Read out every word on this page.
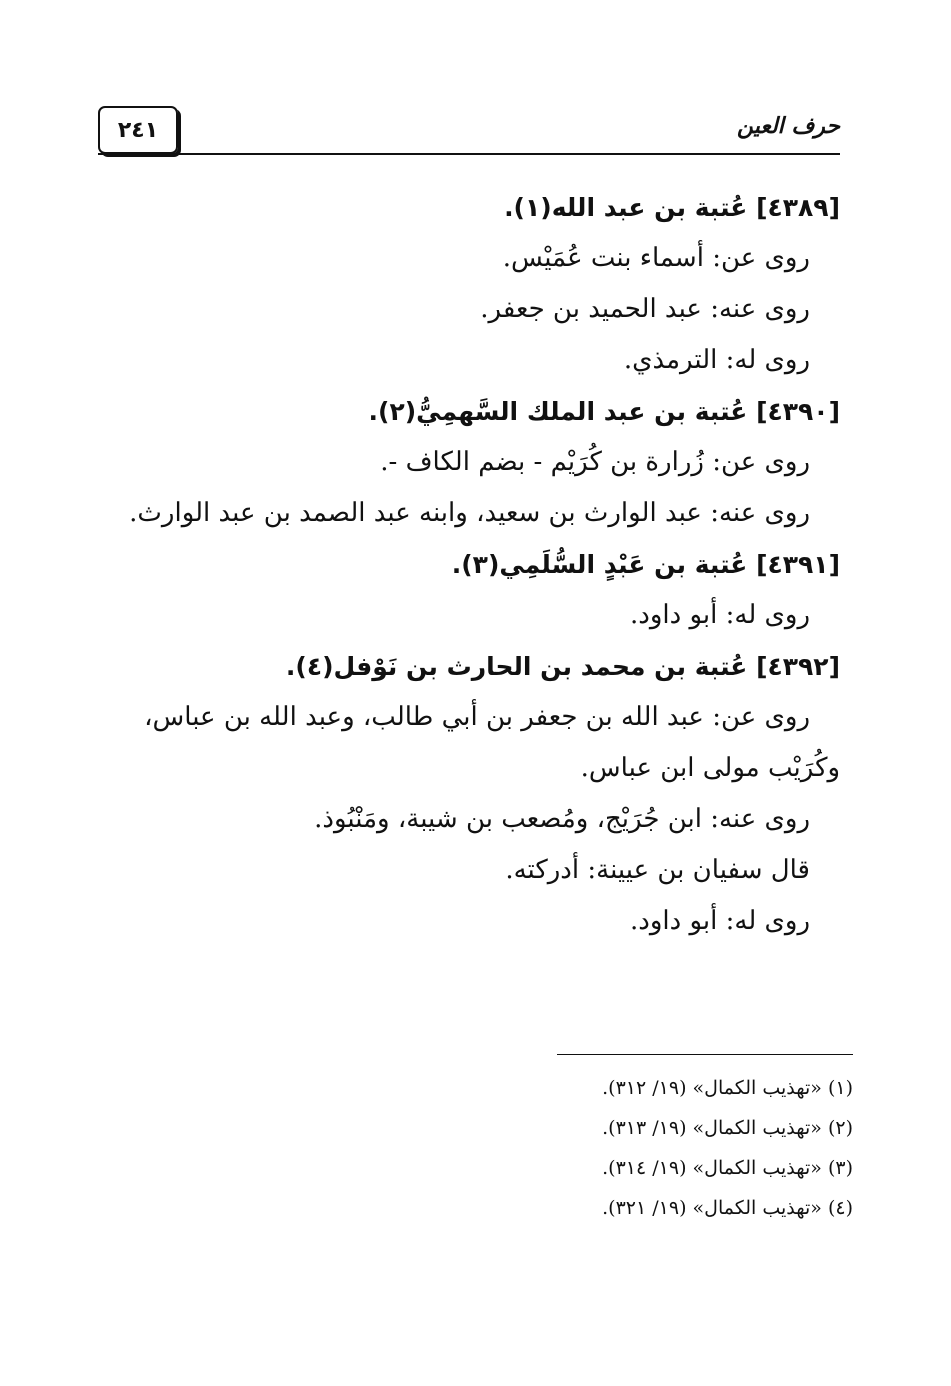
٢٤١	حرف العين
[٤٣٨٩] عُتبة بن عبد الله(١).
روى عن: أسماء بنت عُمَيْس.
روى عنه: عبد الحميد بن جعفر.
روى له: الترمذي.
[٤٣٩٠] عُتبة بن عبد الملك السَّهمِيُّ(٢).
روى عن: زُرارة بن كُرَيْم - بضم الكاف -.
روى عنه: عبد الوارث بن سعيد، وابنه عبد الصمد بن عبد الوارث.
[٤٣٩١] عُتبة بن عَبْدٍ السُّلَمِي(٣).
روى له: أبو داود.
[٤٣٩٢] عُتبة بن محمد بن الحارث بن نَوْفل(٤).
روى عن: عبد الله بن جعفر بن أبي طالب، وعبد الله بن عباس،
وكُرَيْب مولى ابن عباس.
روى عنه: ابن جُرَيْج، ومُصعب بن شيبة، ومَنْبُوذ.
قال سفيان بن عيينة: أدركته.
روى له: أبو داود.
(١) «تهذيب الكمال» (١٩/ ٣١٢).
(٢) «تهذيب الكمال» (١٩/ ٣١٣).
(٣) «تهذيب الكمال» (١٩/ ٣١٤).
(٤) «تهذيب الكمال» (١٩/ ٣٢١).
